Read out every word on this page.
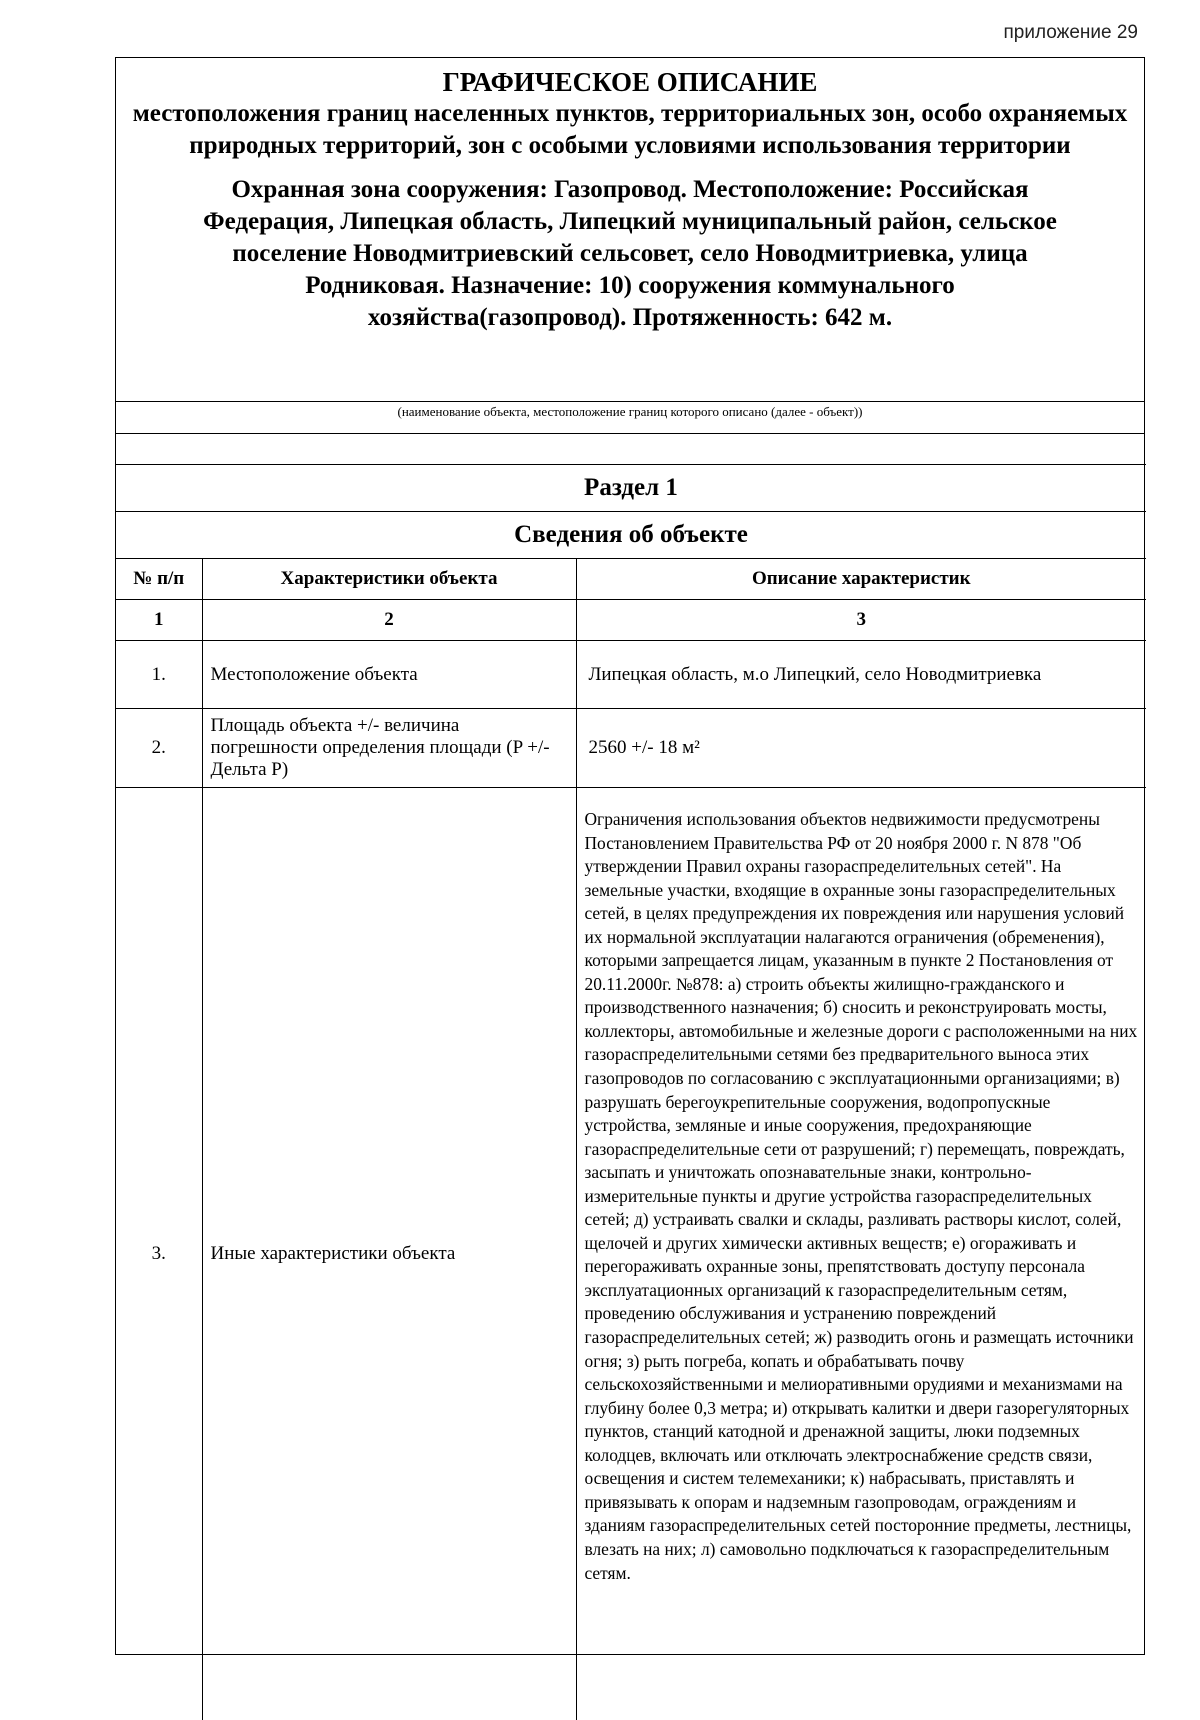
приложение 29
ГРАФИЧЕСКОЕ ОПИСАНИЕ
местоположения границ населенных пунктов, территориальных зон, особо охраняемых природных территорий, зон с особыми условиями использования территории
Охранная зона сооружения: Газопровод. Местоположение: Российская Федерация, Липецкая область, Липецкий муниципальный район, сельское поселение Новодмитриевский сельсовет, село Новодмитриевка, улица Родниковая. Назначение: 10) сооружения коммунального хозяйства(газопровод). Протяженность: 642 м.
(наименование объекта, местоположение границ которого описано (далее - объект))
Раздел 1		
Сведения об объекте		
№ п/п	Характеристики объекта	Описание характеристик
1	2	3
1.	Местоположение объекта	Липецкая область, м.о Липецкий, село Новодмитриевка
2.	Площадь объекта +/- величина погрешности определения площади (P +/- Дельта P)	2560 +/- 18 м²
3.	Иные характеристики объекта	Ограничения использования объектов недвижимости предусмотрены Постановлением Правительства РФ от 20 ноября 2000 г. N 878 "Об утверждении Правил охраны газораспределительных сетей". На земельные участки, входящие в охранные зоны газораспределительных сетей, в целях предупреждения их повреждения или нарушения условий их нормальной эксплуатации налагаются ограничения (обременения), которыми запрещается лицам, указанным в пункте 2 Постановления от 20.11.2000г. №878: а) строить объекты жилищно-гражданского и производственного назначения; б) сносить и реконструировать мосты, коллекторы, автомобильные и железные дороги с расположенными на них газораспределительными сетями без предварительного выноса этих газопроводов по согласованию с эксплуатационными организациями; в) разрушать берегоукрепительные сооружения, водопропускные устройства, земляные и иные сооружения, предохраняющие газораспределительные сети от разрушений; г) перемещать, повреждать, засыпать и уничтожать опознавательные знаки, контрольно-измерительные пункты и другие устройства газораспределительных сетей; д) устраивать свалки и склады, разливать растворы кислот, солей, щелочей и других химически активных веществ; е) огораживать и перегораживать охранные зоны, препятствовать доступу персонала эксплуатационных организаций к газораспределительным сетям, проведению обслуживания и устранению повреждений газораспределительных сетей; ж) разводить огонь и размещать источники огня; з) рыть погреба, копать и обрабатывать почву сельскохозяйственными и мелиоративными орудиями и механизмами на глубину более 0,3 метра; и) открывать калитки и двери газорегуляторных пунктов, станций катодной и дренажной защиты, люки подземных колодцев, включать или отключать электроснабжение средств связи, освещения и систем телемеханики; к) набрасывать, приставлять и привязывать к опорам и надземным газопроводам, ограждениям и зданиям газораспределительных сетей посторонние предметы, лестницы, влезать на них; л) самовольно подключаться к газораспределительным сетям.
